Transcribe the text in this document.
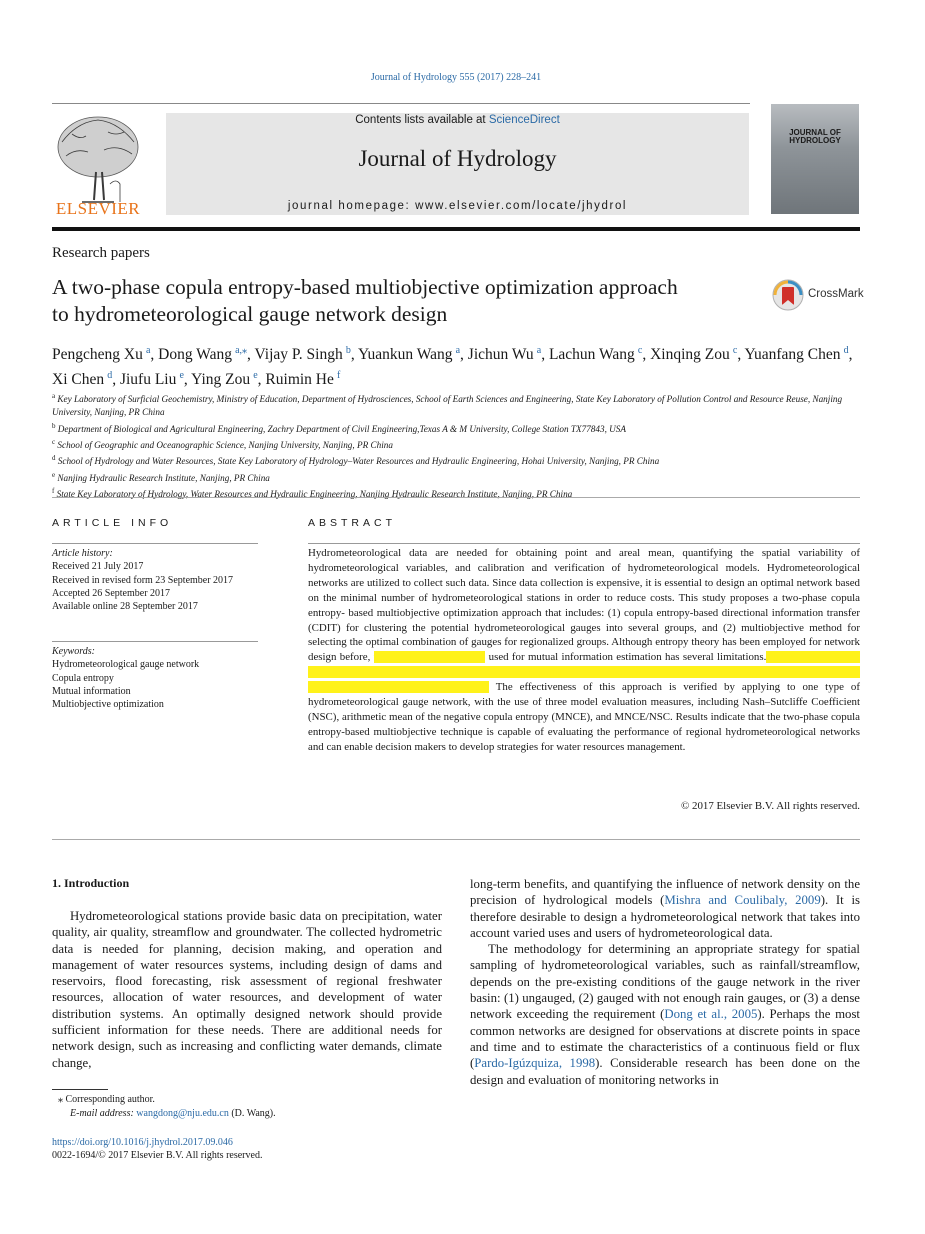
Journal of Hydrology 555 (2017) 228–241
ELSEVIER
Contents lists available at ScienceDirect
Journal of Hydrology
journal homepage: www.elsevier.com/locate/jhydrol
JOURNAL OF HYDROLOGY
Research papers
A two-phase copula entropy-based multiobjective optimization approach to hydrometeorological gauge network design
CrossMark
Pengcheng Xu  $^a$, Dong Wang  $^{a,⁎}$, Vijay P. Singh  $^b$, Yuankun Wang  $^a$, Jichun Wu  $^a$, Lachun Wang  $^c$, Xinqing Zou  $^c$, Yuanfang Chen  $^d$, Xi Chen  $^d$, Jiufu Liu  $^e$, Ying Zou  $^e$, Ruimin He  $^f$
$^a$ Key Laboratory of Surficial Geochemistry, Ministry of Education, Department of Hydrosciences, School of Earth Sciences and Engineering, State Key Laboratory of Pollution Control and Resource Reuse, Nanjing University, Nanjing, PR China
$^b$ Department of Biological and Agricultural Engineering, Zachry Department of Civil Engineering,Texas A & M University, College Station TX77843, USA
$^c$ School of Geographic and Oceanographic Science, Nanjing University, Nanjing, PR China
$^d$ School of Hydrology and Water Resources, State Key Laboratory of Hydrology–Water Resources and Hydraulic Engineering, Hohai University, Nanjing, PR China
$^e$ Nanjing Hydraulic Research Institute, Nanjing, PR China
$^f$ State Key Laboratory of Hydrology, Water Resources and Hydraulic Engineering, Nanjing Hydraulic Research Institute, Nanjing, PR China
ARTICLE INFO	ABSTRACT
Article history:
Received 21 July 2017
Received in revised form 23 September 2017
Accepted 26 September 2017
Available online 28 September 2017
Keywords:
Hydrometeorological gauge network
Copula entropy
Mutual information
Multiobjective optimization
Hydrometeorological data are needed for obtaining point and areal mean, quantifying the spatial variability of hydrometeorological variables, and calibration and verification of hydrometeorological models. Hydrometeorological networks are utilized to collect such data. Since data collection is expensive, it is essential to design an optimal network based on the minimal number of hydrometeorological stations in order to reduce costs. This study proposes a two-phase copula entropy- based multiobjective optimization approach that includes: (1) copula entropy-based directional information transfer (CDIT) for clustering the potential hydrometeorological gauges into several groups, and (2) multiobjective method for selecting the optimal combination of gauges for regionalized groups. Although entropy theory has been employed for network design before, the continuous entropy is used for mutual information estimation has several limitations. In the present paper, we utilize copula entropy for multivariate mutual information estimation, which exploits the advantage of copula to calculate mutual information between variables. The effectiveness of this approach is verified by applying to one type of hydrometeorological gauge network, with the use of three model evaluation measures, including Nash–Sutcliffe Coefficient (NSC), arithmetic mean of the negative copula entropy (MNCE), and MNCE/NSC. Results indicate that the two-phase copula entropy-based multiobjective technique is capable of evaluating the performance of regional hydrometeorological networks and can enable decision makers to develop strategies for water resources management.
© 2017 Elsevier B.V. All rights reserved.
1. Introduction

Hydrometeorological stations provide basic data on precipitation, water quality, air quality, streamflow and groundwater. The collected hydrometric data is needed for planning, decision making, and operation and management of water resources systems, including design of dams and reservoirs, flood forecasting, risk assessment of regional freshwater resources, allocation of water resources, and development of water distribution systems. An optimally designed network should provide sufficient information for these needs. There are additional needs for network design, such as increasing and conflicting water demands, climate change,

long-term benefits, and quantifying the influence of network density on the precision of hydrological models (Mishra and Coulibaly, 2009). It is therefore desirable to design a hydrometeorological network that takes into account varied uses and users of hydrometeorological data.

The methodology for determining an appropriate strategy for spatial sampling of hydrometeorological variables, such as rainfall/streamflow, depends on the pre-existing conditions of the gauge network in the river basin: (1) ungauged, (2) gauged with not enough rain gauges, or (3) a dense network exceeding the requirement (Dong et al., 2005). Perhaps the most common networks are designed for observations at discrete points in space and time and to estimate the characteristics of a continuous field or flux (Pardo-Igúzquiza, 1998). Considerable research has been done on the design and evaluation of monitoring networks in

⁎ Corresponding author.
E-mail address: wangdong@nju.edu.cn (D. Wang).
https://doi.org/10.1016/j.jhydrol.2017.09.046
0022-1694/© 2017 Elsevier B.V. All rights reserved.
